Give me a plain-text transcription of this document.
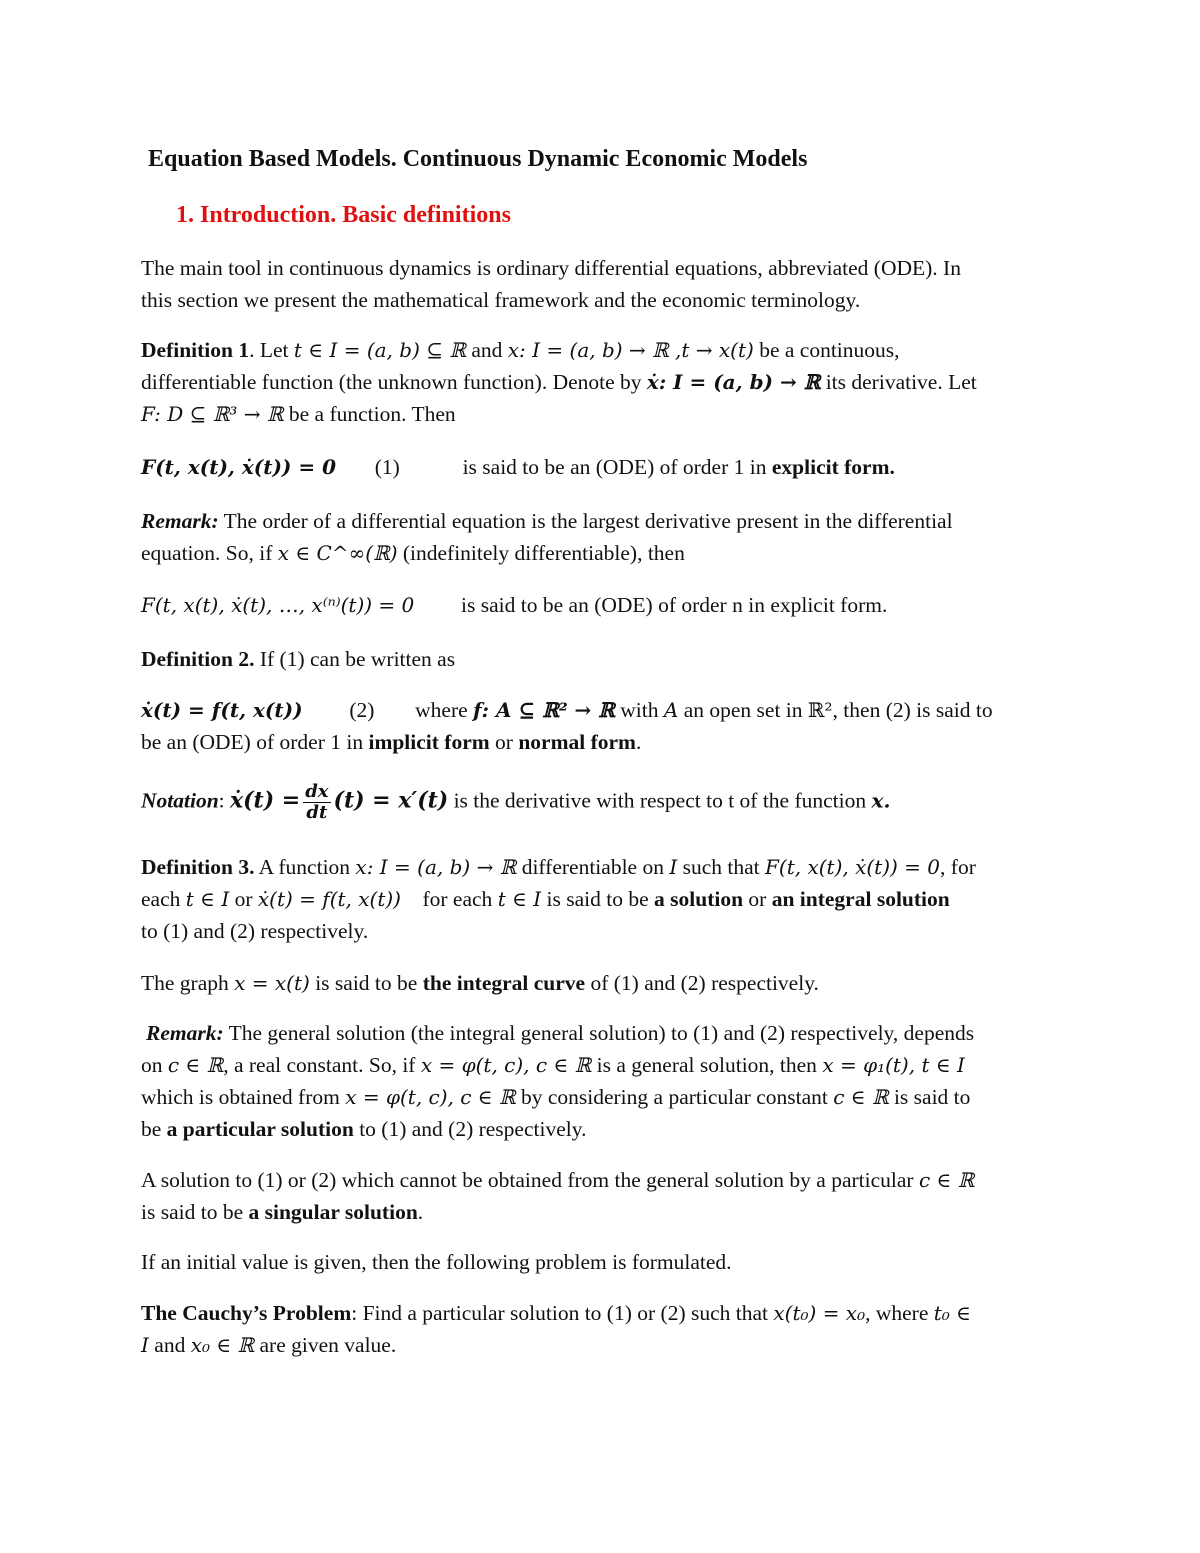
Equation Based Models. Continuous Dynamic Economic Models
1. Introduction. Basic definitions

The main tool in continuous dynamics is ordinary differential equations, abbreviated (ODE). In
this section we present the mathematical framework and the economic terminology.

Definition 1. Let t ∈ I = (a, b) ⊆ ℝ and x: I = (a, b) → ℝ ,t → x(t) be a continuous,
differentiable function (the unknown function). Denote by ẋ: I = (a, b) → ℝ its derivative. Let
F: D ⊆ ℝ³ → ℝ be a function. Then

F(t, x(t), ẋ(t)) = 0 (1)	is said to be an (ODE) of order 1 in explicit form.

Remark: The order of a differential equation is the largest derivative present in the differential
equation. So, if x ∈ C^∞(ℝ) (indefinitely differentiable), then

F(t, x(t), ẋ(t), …, x⁽ⁿ⁾(t)) = 0 is said to be an (ODE) of order n in explicit form.

Definition 2. If (1) can be written as

ẋ(t) = f(t, x(t)) (2) where f: A ⊆ ℝ² → ℝ with A an open set in ℝ², then (2) is said to
be an (ODE) of order 1 in implicit form or normal form.

Notation: ẋ(t) = $\frac{dx}{dt} (t) = x'(t)$ is the derivative with respect to t of the function x.

Definition 3. A function x: I = (a, b) → ℝ differentiable on I such that F(t, x(t), ẋ(t)) = 0, for
each t ∈ I or ẋ(t) = f(t, x(t))    for each t ∈ I is said to be a solution or an integral solution
to (1) and (2) respectively.

The graph x = x(t) is said to be the integral curve of (1) and (2) respectively.

Remark: The general solution (the integral general solution) to (1) and (2) respectively, depends
on c ∈ ℝ, a real constant. So, if x = φ(t, c), c ∈ ℝ is a general solution, then x = φ₁(t), t ∈ I
which is obtained from x = φ(t, c), c ∈ ℝ by considering a particular constant c ∈ ℝ is said to
be a particular solution to (1) and (2) respectively.

A solution to (1) or (2) which cannot be obtained from the general solution by a particular c ∈ ℝ
is said to be a singular solution.

If an initial value is given, then the following problem is formulated.

The Cauchy’s Problem: Find a particular solution to (1) or (2) such that x(t₀) = x₀, where t₀ ∈
I and x₀ ∈ ℝ are given value.
